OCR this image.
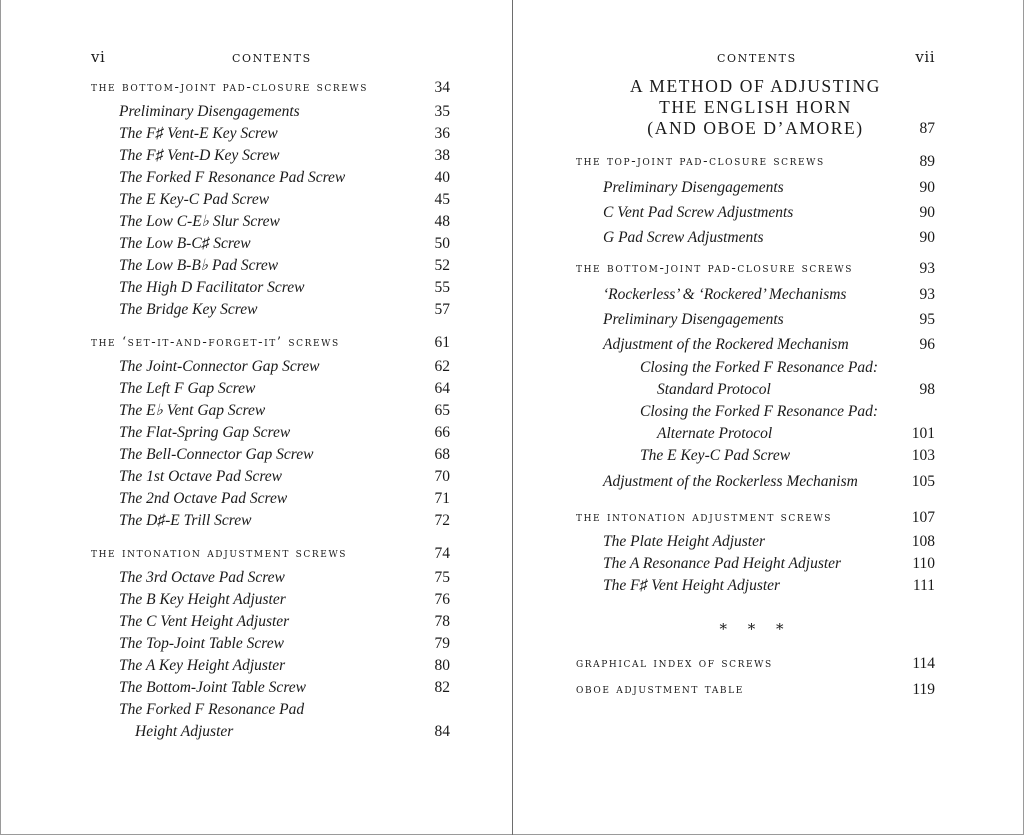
vi	CONTENTS
the bottom-joint pad-closure screws	34
Preliminary Disengagements	35
The F♯ Vent-E Key Screw	36
The F♯ Vent-D Key Screw	38
The Forked F Resonance Pad Screw	40
The E Key-C Pad Screw	45
The Low C-E♭ Slur Screw	48
The Low B-C♯ Screw	50
The Low B-B♭ Pad Screw	52
The High D Facilitator Screw	55
The Bridge Key Screw	57
the ‘set-it-and-forget-it’ screws	61
The Joint-Connector Gap Screw	62
The Left F Gap Screw	64
The E♭ Vent Gap Screw	65
The Flat-Spring Gap Screw	66
The Bell-Connector Gap Screw	68
The 1st Octave Pad Screw	70
The 2nd Octave Pad Screw	71
The D♯-E Trill Screw	72
the intonation adjustment screws	74
The 3rd Octave Pad Screw	75
The B Key Height Adjuster	76
The C Vent Height Adjuster	78
The Top-Joint Table Screw	79
The A Key Height Adjuster	80
The Bottom-Joint Table Screw	82
The Forked F Resonance Pad
Height Adjuster	84
CONTENTS	vii
A METHOD OF ADJUSTING
THE ENGLISH HORN
(AND OBOE D’AMORE)	87
the top-joint pad-closure screws	89
Preliminary Disengagements	90
C Vent Pad Screw Adjustments	90
G Pad Screw Adjustments	90
the bottom-joint pad-closure screws	93
‘Rockerless’ & ‘Rockered’ Mechanisms	93
Preliminary Disengagements	95
Adjustment of the Rockered Mechanism	96
Closing the Forked F Resonance Pad:
Standard Protocol	98
Closing the Forked F Resonance Pad:
Alternate Protocol	101
The E Key-C Pad Screw	103
Adjustment of the Rockerless Mechanism	105
the intonation adjustment screws	107
The Plate Height Adjuster	108
The A Resonance Pad Height Adjuster	110
The F♯ Vent Height Adjuster	111
* * *
graphical index of screws	114
oboe adjustment table	119
